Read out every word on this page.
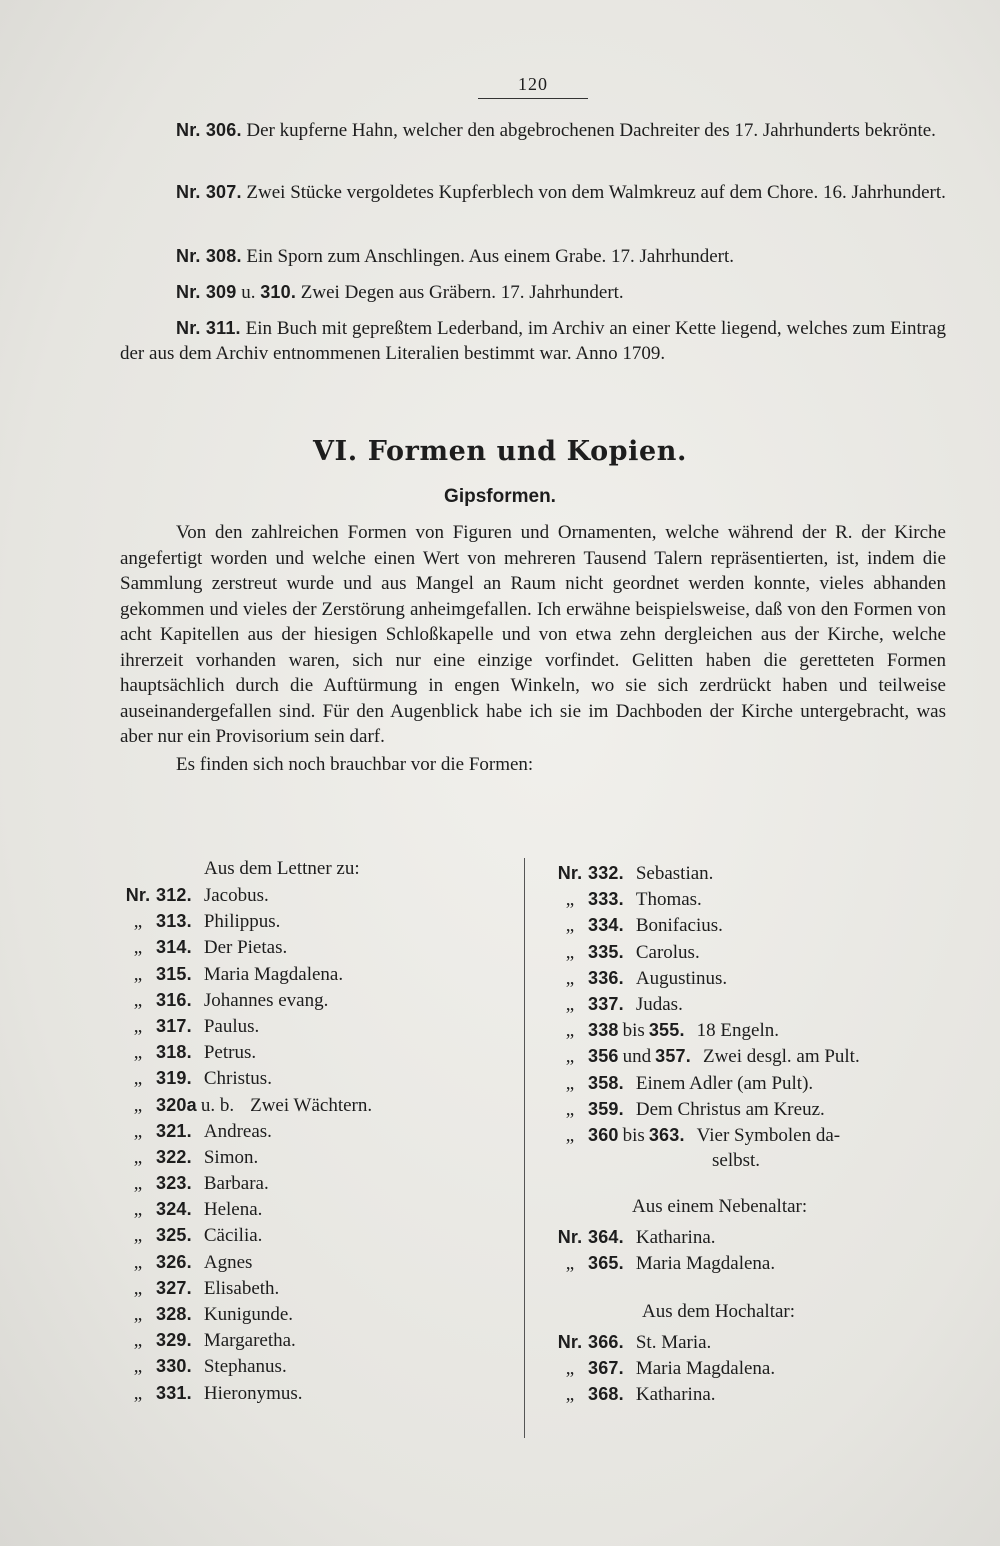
120
Nr. 306. Der kupferne Hahn, welcher den abgebrochenen Dachreiter des 17. Jahrhunderts bekrönte.
Nr. 307. Zwei Stücke vergoldetes Kupferblech von dem Walmkreuz auf dem Chore. 16. Jahrhundert.
Nr. 308. Ein Sporn zum Anschlingen. Aus einem Grabe. 17. Jahrhundert.
Nr. 309 u. 310. Zwei Degen aus Gräbern. 17. Jahrhundert.
Nr. 311. Ein Buch mit gepreßtem Lederband, im Archiv an einer Kette liegend, welches zum Eintrag der aus dem Archiv entnommenen Literalien bestimmt war. Anno 1709.
VI. Formen und Kopien.
Gipsformen.

Von den zahlreichen Formen von Figuren und Ornamenten, welche während der R. der Kirche angefertigt worden und welche einen Wert von mehreren Tausend Talern repräsentierten, ist, indem die Sammlung zerstreut wurde und aus Mangel an Raum nicht geordnet werden konnte, vieles abhanden gekommen und vieles der Zerstörung anheimgefallen. Ich erwähne beispielsweise, daß von den Formen von acht Kapitellen aus der hiesigen Schloßkapelle und von etwa zehn dergleichen aus der Kirche, welche ihrerzeit vorhanden waren, sich nur eine einzige vorfindet. Gelitten haben die geretteten Formen hauptsächlich durch die Auftürmung in engen Winkeln, wo sie sich zerdrückt haben und teilweise auseinandergefallen sind. Für den Augenblick habe ich sie im Dachboden der Kirche untergebracht, was aber nur ein Provisorium sein darf.

Es finden sich noch brauchbar vor die Formen:

Aus dem Lettner zu:
Nr. 312. Jacobus.
„ 313. Philippus.
„ 314. Der Pietas.
„ 315. Maria Magdalena.
„ 316. Johannes evang.
„ 317. Paulus.
„ 318. Petrus.
„ 319. Christus.
„ 320a u. b. Zwei Wächtern.
„ 321. Andreas.
„ 322. Simon.
„ 323. Barbara.
„ 324. Helena.
„ 325. Cäcilia.
„ 326. Agnes
„ 327. Elisabeth.
„ 328. Kunigunde.
„ 329. Margaretha.
„ 330. Stephanus.
„ 331. Hieronymus.
Nr. 332. Sebastian.
„ 333. Thomas.
„ 334. Bonifacius.
„ 335. Carolus.
„ 336. Augustinus.
„ 337. Judas.
„ 338 bis 355. 18 Engeln.
„ 356 und 357. Zwei desgl. am Pult.
„ 358. Einem Adler (am Pult).
„ 359. Dem Christus am Kreuz.
„ 360 bis 363. Vier Symbolen da-
selbst.
Aus einem Nebenaltar:
Nr. 364. Katharina.
„ 365. Maria Magdalena.
Aus dem Hochaltar:
Nr. 366. St. Maria.
„ 367. Maria Magdalena.
„ 368. Katharina.
